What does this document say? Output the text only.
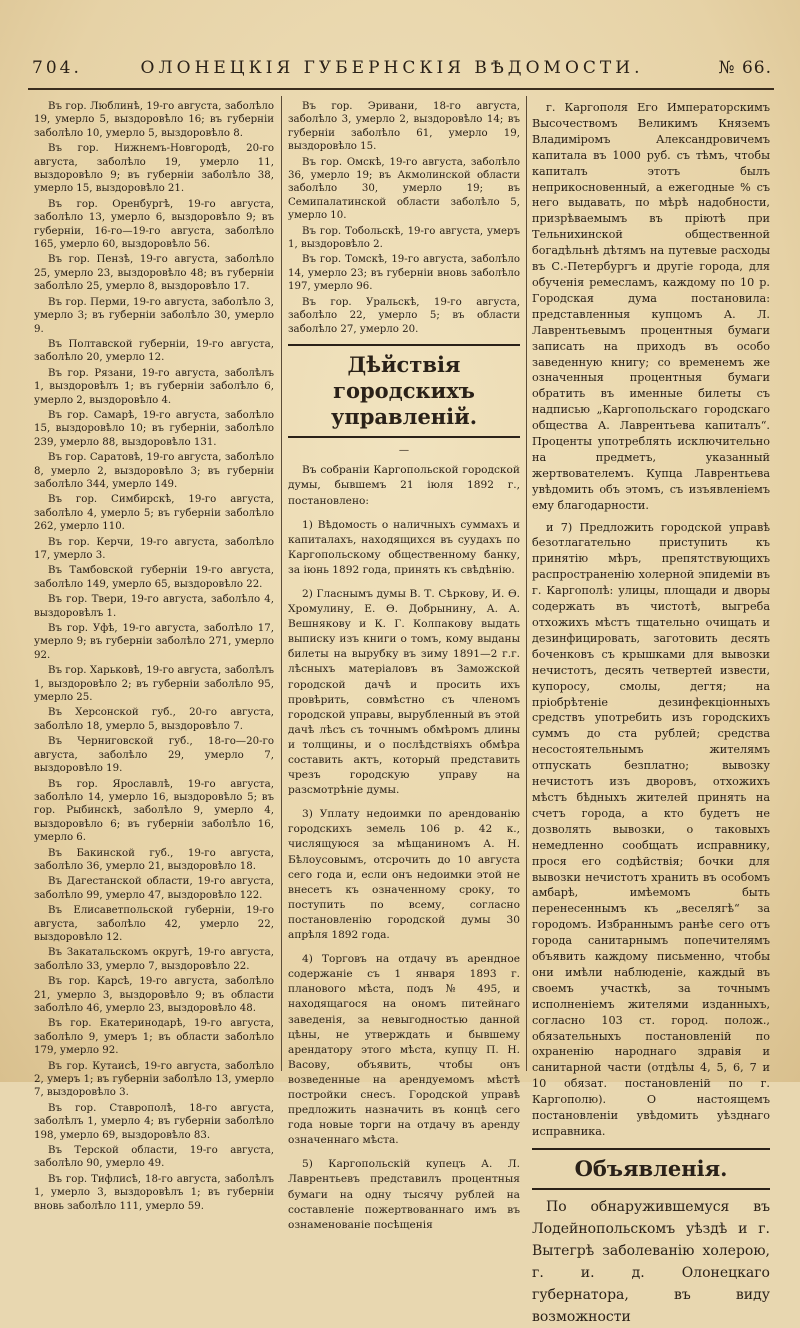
704.	ОЛОНЕЦКІЯ ГУБЕРНСКІЯ ВѢДОМОСТИ.	№ 66.

Въ гор. Люблинѣ, 19-го августа, заболѣло 19, умерло 5, выздоровѣло 16; въ губерніи заболѣло 10, умерло 5, выздоровѣло 8.

Въ гор. Нижнемъ-Новгородѣ, 20-го августа, заболѣло 19, умерло 11, выздоровѣло 9; въ губерніи заболѣло 38, умерло 15, выздоровѣло 21.

Въ гор. Оренбургѣ, 19-го августа, заболѣло 13, умерло 6, выздоровѣло 9; въ губерніи, 16-го—19-го августа, заболѣло 165, умерло 60, выздоровѣло 56.

Въ гор. Пензѣ, 19-го августа, заболѣло 25, умерло 23, выздоровѣло 48; въ губерніи заболѣло 25, умерло 8, выздоровѣло 17.

Въ гор. Перми, 19-го августа, заболѣло 3, умерло 3; въ губерніи заболѣло 30, умерло 9.

Въ Полтавской губерніи, 19-го августа, заболѣло 20, умерло 12.

Въ гор. Рязани, 19-го августа, заболѣлъ 1, выздоровѣлъ 1; въ губерніи заболѣло 6, умерло 2, выздоровѣло 4.

Въ гор. Самарѣ, 19-го августа, заболѣло 15, выздоровѣло 10; въ губерніи, заболѣло 239, умерло 88, выздоровѣло 131.

Въ гор. Саратовѣ, 19-го августа, заболѣло 8, умерло 2, выздоровѣло 3; въ губерніи заболѣло 344, умерло 149.

Въ гор. Симбирскѣ, 19-го августа, заболѣло 4, умерло 5; въ губерніи заболѣло 262, умерло 110.

Въ гор. Керчи, 19-го августа, заболѣло 17, умерло 3.

Въ Тамбовской губерніи 19-го августа, заболѣло 149, умерло 65, выздоровѣло 22.

Въ гор. Твери, 19-го августа, заболѣло 4, выздоровѣлъ 1.

Въ гор. Уфѣ, 19-го августа, заболѣло 17, умерло 9; въ губерніи заболѣло 271, умерло 92.

Въ гор. Харьковѣ, 19-го августа, заболѣлъ 1, выздоровѣло 2; въ губерніи заболѣло 95, умерло 25.

Въ Херсонской губ., 20-го августа, заболѣло 18, умерло 5, выздоровѣло 7.

Въ Черниговской губ., 18-го—20-го августа, заболѣло 29, умерло 7, выздоровѣло 19.

Въ гор. Ярославлѣ, 19-го августа, заболѣло 14, умерло 16, выздоровѣло 5; въ гор. Рыбинскѣ, заболѣло 9, умерло 4, выздоровѣло 6; въ губерніи заболѣло 16, умерло 6.

Въ Бакинской губ., 19-го августа, заболѣло 36, умерло 21, выздоровѣло 18.

Въ Дагестанской области, 19-го августа, заболѣло 99, умерло 47, выздоровѣло 122.

Въ Елисаветпольской губерніи, 19-го августа, заболѣло 42, умерло 22, выздоровѣло 12.

Въ Закатальскомъ округѣ, 19-го августа, заболѣло 33, умерло 7, выздоровѣло 22.

Въ гор. Карсѣ, 19-го августа, заболѣло 21, умерло 3, выздоровѣло 9; въ области заболѣло 46, умерло 23, выздоровѣло 48.

Въ гор. Екатеринодарѣ, 19-го августа, заболѣло 9, умеръ 1; въ области заболѣло 179, умерло 92.

Въ гор. Кутаисѣ, 19-го августа, заболѣло 2, умеръ 1; въ губерніи заболѣло 13, умерло 7, выздоровѣло 3.

Въ гор. Ставрополѣ, 18-го августа, заболѣлъ 1, умерло 4; въ губерніи заболѣло 198, умерло 69, выздоровѣло 83.

Въ Терской области, 19-го августа, заболѣло 90, умерло 49.

Въ гор. Тифлисѣ, 18-го августа, заболѣлъ 1, умерло 3, выздоровѣлъ 1; въ губерніи вновь заболѣло 111, умерло 59.

Въ гор. Эривани, 18-го августа, заболѣло 3, умерло 2, выздоровѣло 14; въ губерніи заболѣло 61, умерло 19, выздоровѣло 15.

Въ гор. Омскѣ, 19-го августа, заболѣло 36, умерло 19; въ Акмолинской области заболѣло 30, умерло 19; въ Семипалатинской области заболѣло 5, умерло 10.

Въ гор. Тобольскѣ, 19-го августа, умеръ 1, выздоровѣло 2.

Въ гор. Томскѣ, 19-го августа, заболѣло 14, умерло 23; въ губерніи вновь заболѣло 197, умерло 96.

Въ гор. Уральскѣ, 19-го августа, заболѣло 22, умерло 5; въ области заболѣло 27, умерло 20.

Дѣйствія городскихъ управленій.
—

Въ собраніи Каргопольской городской думы, бывшемъ 21 іюля 1892 г., постановлено:

1) Вѣдомость о наличныхъ суммахъ и капиталахъ, находящихся въ суудахъ по Каргопольскому общественному банку, за іюнь 1892 года, принять къ свѣдѣнію.

2) Гласнымъ думы В. Т. Сѣркову, И. Ѳ. Хромулину, Е. Ѳ. Добрынину, А. А. Вешнякову и К. Г. Колпакову выдать выписку изъ книги о томъ, кому выданы билеты на вырубку въ зиму 1891—2 г.г. лѣсныхъ матеріаловъ въ Заможской городской дачѣ и просить ихъ провѣрить, совмѣстно съ членомъ городской управы, вырубленный въ этой дачѣ лѣсъ съ точнымъ обмѣромъ длины и толщины, и о послѣдствіяхъ обмѣра составить актъ, который представить чрезъ городскую управу на разсмотрѣніе думы.

3) Уплату недоимки по арендованію городскихъ земель 106 р. 42 к., числящуюся за мѣщаниномъ А. Н. Бѣлоусовымъ, отсрочить до 10 августа сего года и, если онъ недоимки этой не внесетъ къ означенному сроку, то поступить по всему, согласно постановленію городской думы 30 апрѣля 1892 года.

4) Торговъ на отдачу въ арендное содержаніе съ 1 января 1893 г. планового мѣста, подъ № 495, и находящагося на ономъ питейнаго заведенія, за невыгодностью данной цѣны, не утверждать и бывшему арендатору этого мѣста, купцу П. Н. Васову, объявить, чтобы онъ возведенные на арендуемомъ мѣстѣ постройки снесъ. Городской управѣ предложить назначить въ концѣ сего года новые торги на отдачу въ аренду означеннаго мѣста.

5) Каргопольскій купецъ А. Л. Лаврентьевъ представилъ процентныя бумаги на одну тысячу рублей на составленіе пожертвованнаго имъ въ ознаменованіе посѣщенія

г. Каргополя Его Императорскимъ Высочествомъ Великимъ Княземъ Владиміромъ Александровичемъ капитала въ 1000 руб. съ тѣмъ, чтобы капиталъ этотъ былъ неприкосновенный, а ежегодные % съ него выдавать, по мѣрѣ надобности, призрѣваемымъ въ пріютѣ при Тельнихинской общественной богадѣльнѣ дѣтямъ на путевые расходы въ С.-Петербургъ и другіе города, для обученія ремесламъ, каждому по 10 р. Городская дума постановила: представленныя купцомъ А. Л. Лаврентьевымъ процентныя бумаги записать на приходъ въ особо заведенную книгу; со временемъ же означенныя процентныя бумаги обратить въ именные билеты съ надписью „Каргопольскаго городскаго общества А. Лаврентьева капиталъ“. Проценты употреблять исключительно на предметъ, указанный жертвователемъ. Купца Лаврентьева увѣдомить объ этомъ, съ изъявленіемъ ему благодарности.

и 7) Предложить городской управѣ безотлагательно приступить къ принятію мѣръ, препятствующихъ распространенію холерной эпидеміи въ г. Каргополѣ: улицы, площади и дворы содержать въ чистотѣ, выгреба отхожихъ мѣстъ тщательно очищать и дезинфицировать, заготовить десять боченковъ съ крышками для вывозки нечистотъ, десять четвертей извести, купоросу, смолы, дегтя; на пріобрѣтеніе дезинфекціонныхъ средствъ употребить изъ городскихъ суммъ до ста рублей; средства несостоятельнымъ жителямъ отпускать безплатно; вывозку нечистотъ изъ дворовъ, отхожихъ мѣстъ бѣдныхъ жителей принять на счетъ города, а кто будетъ не дозволять вывозки, о таковыхъ немедленно сообщать исправнику, прося его содѣйствія; бочки для вывозки нечистотъ хранить въ особомъ амбарѣ, имѣемомъ быть перенесеннымъ къ „веселягѣ“ за городомъ. Избраннымъ ранѣе сего отъ города санитарнымъ попечителямъ объявить каждому письменно, чтобы они имѣли наблюденіе, каждый въ своемъ участкѣ, за точнымъ исполненіемъ жителями изданныхъ, согласно 103 ст. город. полож., обязательныхъ постановленій по охраненію народнаго здравія и санитарной части (отдѣлы 4, 5, 6, 7 и 10 обязат. постановленій по г. Каргополю). О настоящемъ постановленіи увѣдомить уѣзднаго исправника.

Объявленія.

По обнаружившемуся въ Лодейнопольскомъ уѣздѣ и г. Вытегрѣ заболеванію холерою, г. и. д. Олонецкаго губернатора, въ виду возможности
